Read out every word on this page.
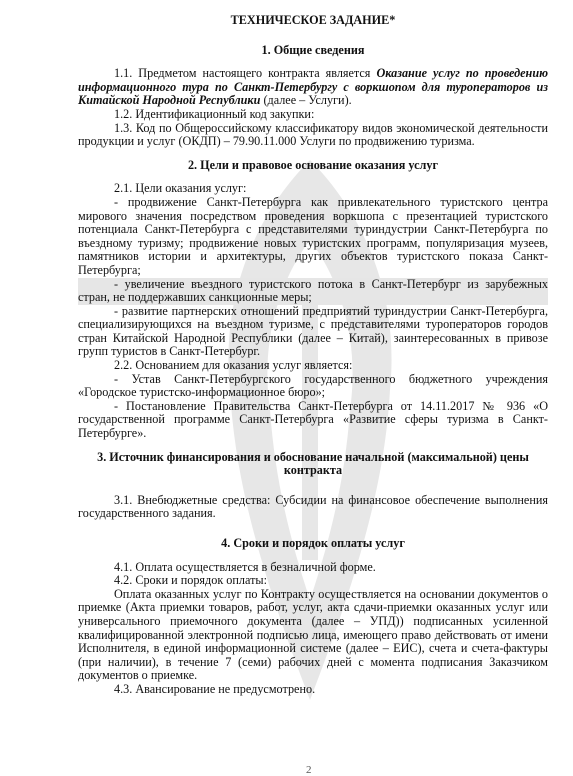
ТЕХНИЧЕСКОЕ ЗАДАНИЕ*
1. Общие сведения

1.1. Предметом настоящего контракта является Оказание услуг по проведению информационного тура по Санкт-Петербургу с воркшопом для туроператоров из Китайской Народной Республики (далее – Услуги).

1.2. Идентификационный код закупки:

1.3. Код по Общероссийскому классификатору видов экономической деятельности продукции и услуг (ОКДП) – 79.90.11.000 Услуги по продвижению туризма.

2. Цели и правовое основание оказания услуг

2.1. Цели оказания услуг:

- продвижение Санкт-Петербурга как привлекательного туристского центра мирового значения посредством проведения воркшопа с презентацией туристского потенциала Санкт-Петербурга с представителями туриндустрии Санкт-Петербурга по въездному туризму; продвижение новых туристских программ, популяризация музеев, памятников истории и архитектуры, других объектов туристского показа Санкт-Петербурга;

- увеличение въездного туристского потока в Санкт-Петербург из зарубежных стран, не поддержавших санкционные меры;

- развитие партнерских отношений предприятий туриндустрии Санкт-Петербурга, специализирующихся на въездном туризме, с представителями туроператоров городов стран Китайской Народной Республики (далее – Китай), заинтересованных в привозе групп туристов в Санкт-Петербург.

2.2. Основанием для оказания услуг является:

- Устав Санкт-Петербургского государственного бюджетного учреждения «Городское туристско-информационное бюро»;

- Постановление Правительства Санкт-Петербурга от 14.11.2017 № 936 «О государственной программе Санкт-Петербурга «Развитие сферы туризма в Санкт-Петербурге».

3. Источник финансирования и обоснование начальной (максимальной) цены контракта

3.1. Внебюджетные средства: Субсидии на финансовое обеспечение выполнения государственного задания.

4. Сроки и порядок оплаты услуг

4.1. Оплата осуществляется в безналичной форме.

4.2. Сроки и порядок оплаты:

Оплата оказанных услуг по Контракту осуществляется на основании документов о приемке (Акта приемки товаров, работ, услуг, акта сдачи-приемки оказанных услуг или универсального приемочного документа (далее – УПД)) подписанных усиленной квалифицированной электронной подписью лица, имеющего право действовать от имени Исполнителя, в единой информационной системе (далее – ЕИС), счета и счета-фактуры (при наличии), в течение 7 (семи) рабочих дней с момента подписания Заказчиком документов о приемке.

4.3. Авансирование не предусмотрено.

2
